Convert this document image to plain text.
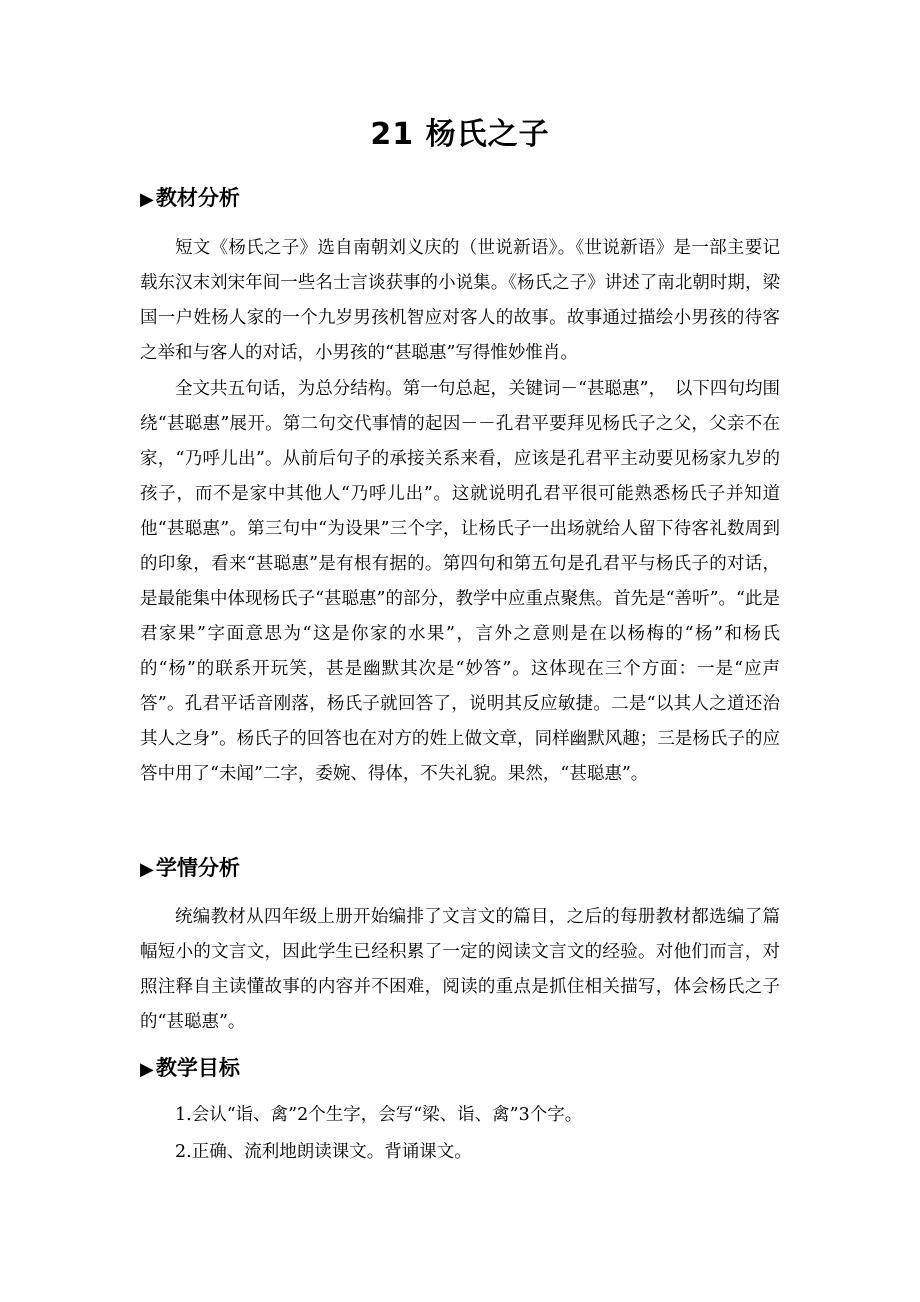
21 杨氏之子
▶教材分析

短文《杨氏之子》选自南朝刘义庆的（世说新语》。《世说新语》是一部主要记载东汉末刘宋年间一些名士言谈获事的小说集。《杨氏之子》讲述了南北朝时期，梁国一户姓杨人家的一个九岁男孩机智应对客人的故事。故事通过描绘小男孩的待客之举和与客人的对话，小男孩的“甚聪惠”写得惟妙惟肖。

全文共五句话，为总分结构。第一句总起，关键词－“甚聪惠”，　以下四句均围绕“甚聪惠”展开。第二句交代事情的起因－－孔君平要拜见杨氏子之父，父亲不在家，“乃呼儿出”。从前后句子的承接关系来看，应该是孔君平主动要见杨家九岁的孩子，而不是家中其他人“乃呼儿出”。这就说明孔君平很可能熟悉杨氏子并知道他“甚聪惠”。第三句中“为设果”三个字，让杨氏子一出场就给人留下待客礼数周到的印象，看来“甚聪惠”是有根有据的。第四句和第五句是孔君平与杨氏子的对话，是最能集中体现杨氏子“甚聪惠”的部分，教学中应重点聚焦。首先是“善听”。“此是君家果”字面意思为“这是你家的水果”，言外之意则是在以杨梅的“杨”和杨氏的“杨”的联系开玩笑，甚是幽默其次是“妙答”。这体现在三个方面：一是“应声答”。孔君平话音刚落，杨氏子就回答了，说明其反应敏捷。二是“以其人之道还治其人之身”。杨氏子的回答也在对方的姓上做文章，同样幽默风趣；三是杨氏子的应答中用了“未闻”二字，委婉、得体，不失礼貌。果然，“甚聪惠”。

▶学情分析

统编教材从四年级上册开始编排了文言文的篇目，之后的每册教材都选编了篇幅短小的文言文，因此学生已经积累了一定的阅读文言文的经验。对他们而言，对照注释自主读懂故事的内容并不困难，阅读的重点是抓住相关描写，体会杨氏之子的“甚聪惠”。

▶教学目标

1.会认“诣、禽”2个生字，会写“梁、诣、禽”3个字。

2.正确、流利地朗读课文。背诵课文。
